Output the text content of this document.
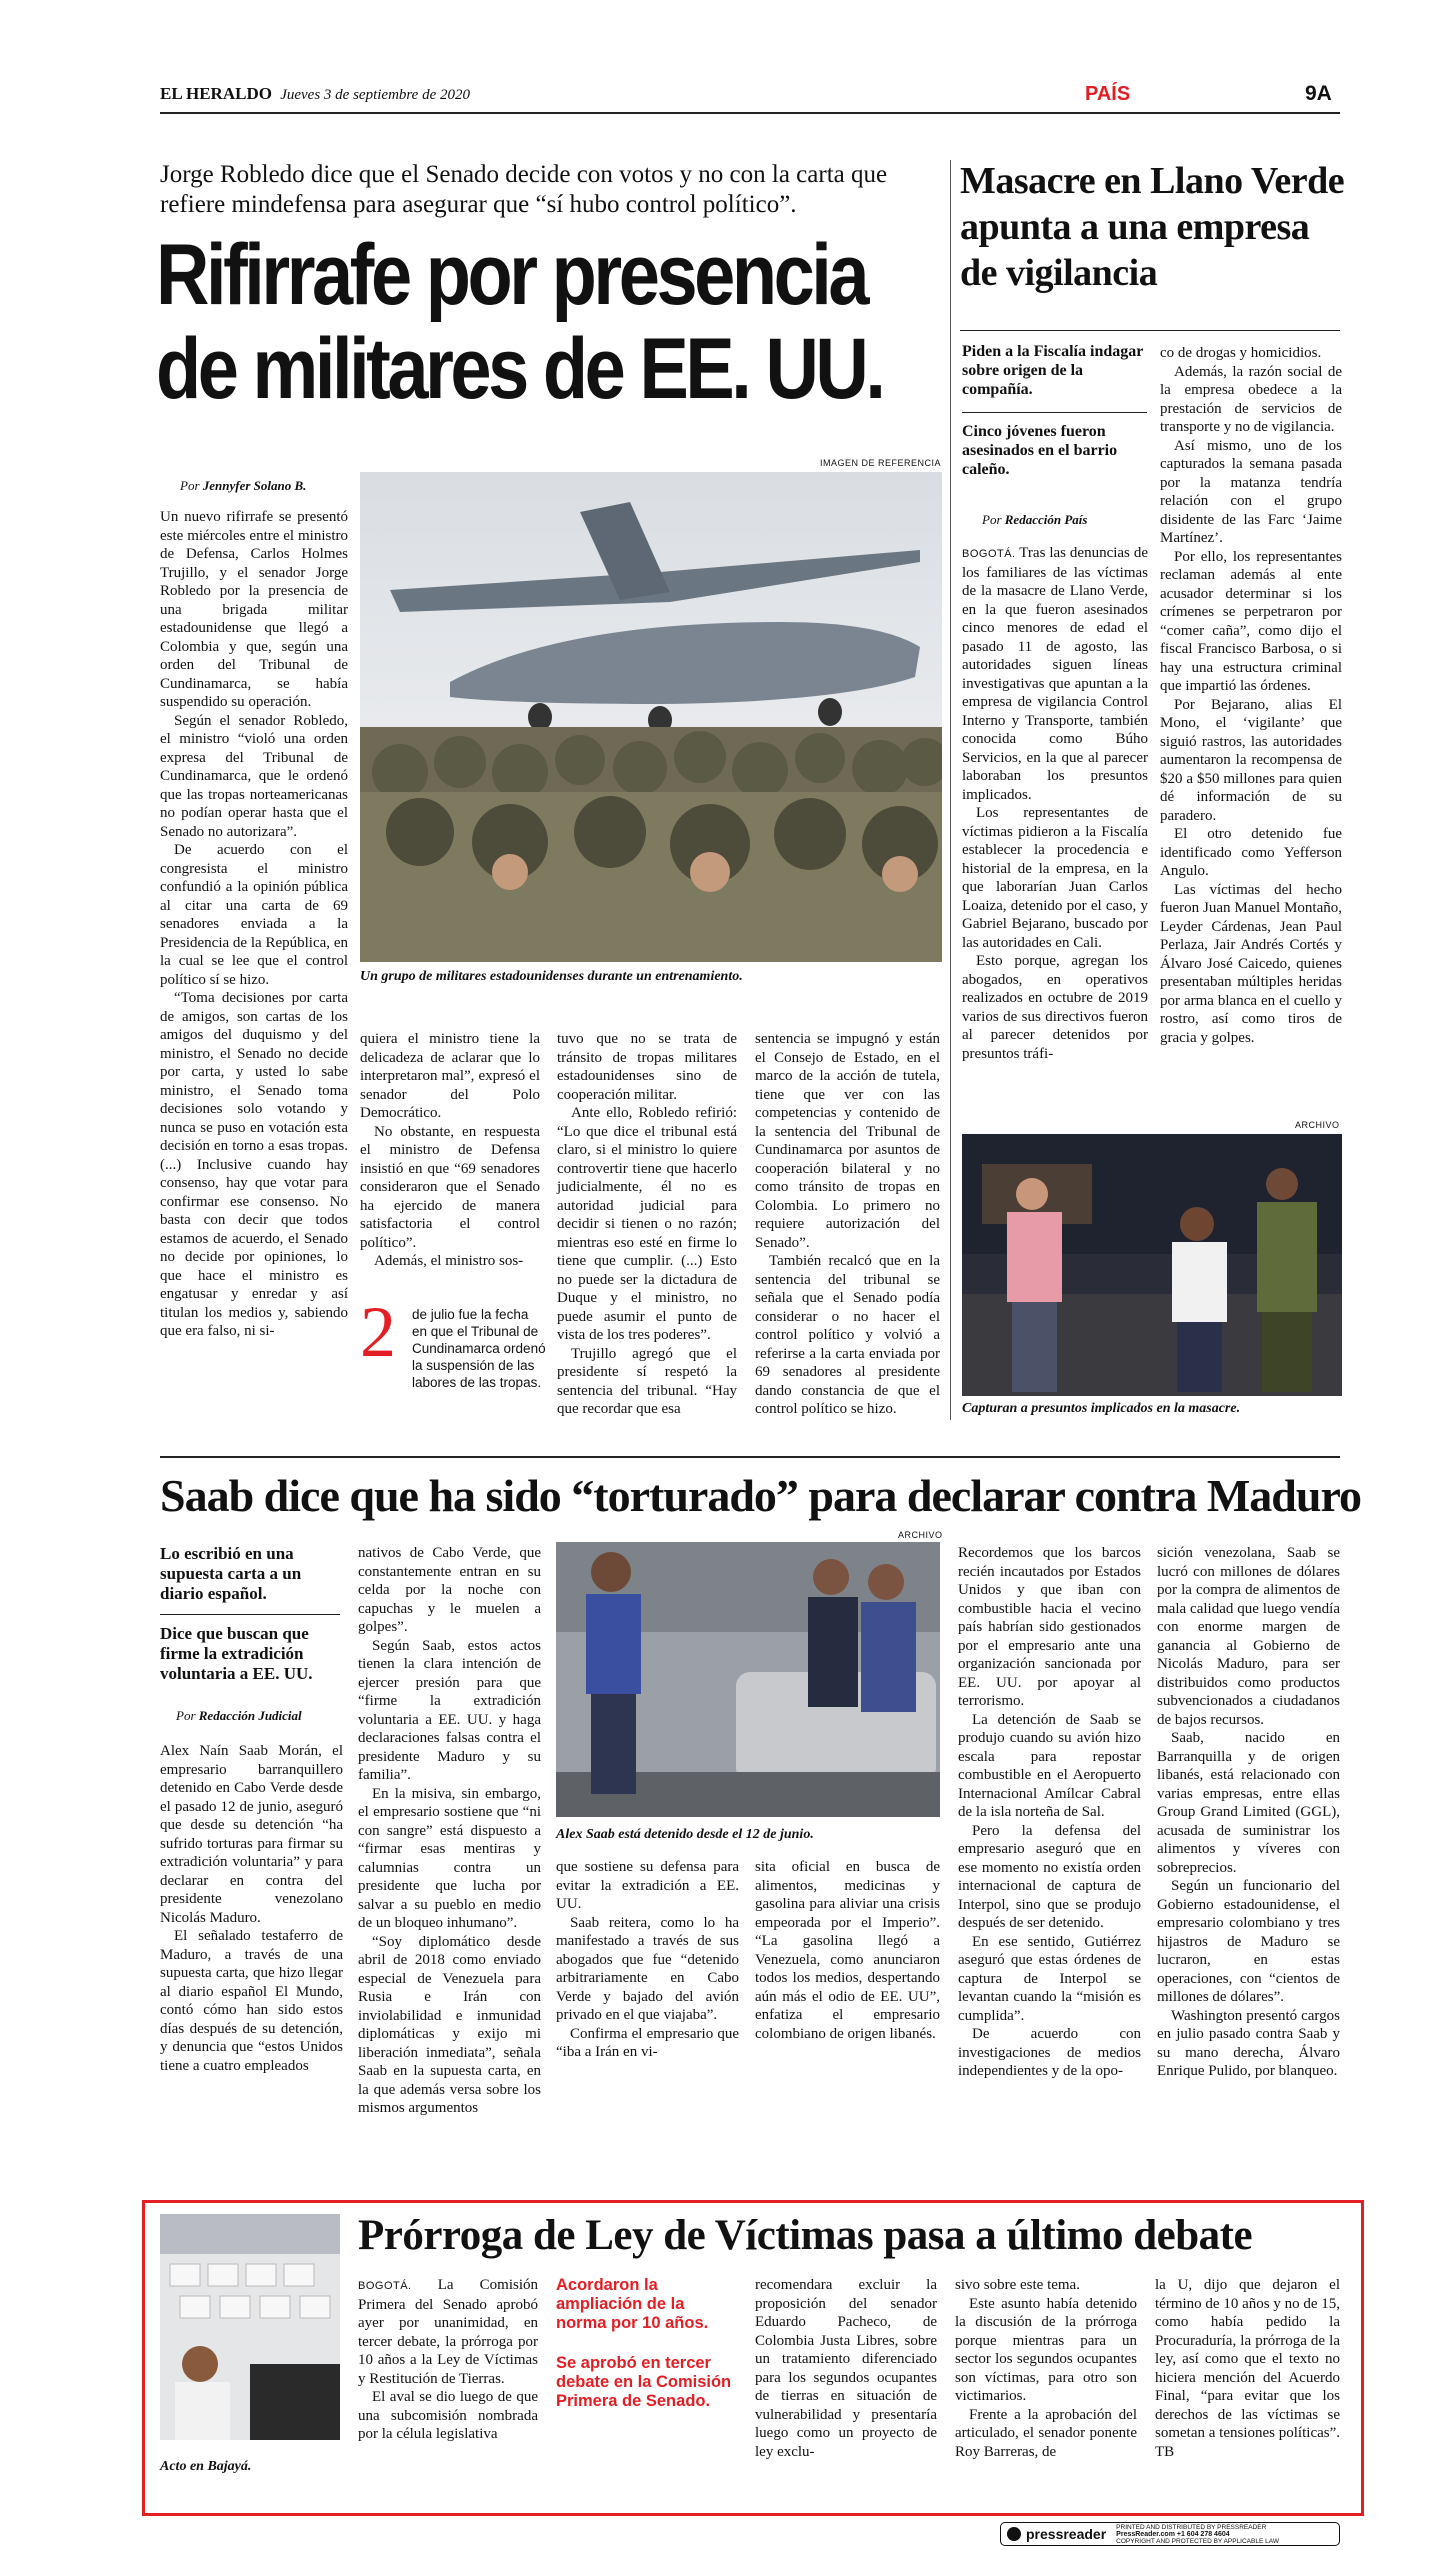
EL HERALDO Jueves 3 de septiembre de 2020	PAÍS	9A
Jorge Robledo dice que el Senado decide con votos y no con la carta que refiere mindefensa para asegurar que “sí hubo control político”.
Rifirrafe por presencia
de militares de EE. UU.
IMAGEN DE REFERENCIA
Por Jennyfer Solano B.
Un grupo de militares estadounidenses durante un entrenamiento.

Un nuevo rifirrafe se presentó este miércoles entre el ministro de Defensa, Carlos Holmes Trujillo, y el senador Jorge Robledo por la presencia de una brigada militar estadounidense que llegó a Colombia y que, según una orden del Tribunal de Cundinamarca, se había suspendido su operación.

Según el senador Robledo, el ministro “violó una orden expresa del Tribunal de Cundinamarca, que le ordenó que las tropas norteamericanas no podían operar hasta que el Senado no autorizara”.

De acuerdo con el congresista el ministro confundió a la opinión pública al citar una carta de 69 senadores enviada a la Presidencia de la República, en la cual se lee que el control político sí se hizo.

“Toma decisiones por carta de amigos, son cartas de los amigos del duquismo y del ministro, el Senado no decide por carta, y usted lo sabe ministro, el Senado toma decisiones solo votando y nunca se puso en votación esta decisión en torno a esas tropas. (...) Inclusive cuando hay consenso, hay que votar para confirmar ese consenso. No basta con decir que todos estamos de acuerdo, el Senado no decide por opiniones, lo que hace el ministro es engatusar y enredar y así titulan los medios y, sabiendo que era falso, ni si-

quiera el ministro tiene la delicadeza de aclarar que lo interpretaron mal”, expresó el senador del Polo Democrático.

No obstante, en respuesta el ministro de Defensa insistió en que “69 senadores consideraron que el Senado ha ejercido de manera satisfactoria el control político”.

Además, el ministro sos-

2 de julio fue la fecha en que el Tribunal de Cundinamarca ordenó la suspensión de las labores de las tropas.

tuvo que no se trata de tránsito de tropas militares estadounidenses sino de cooperación militar.

Ante ello, Robledo refirió: “Lo que dice el tribunal está claro, si el ministro lo quiere controvertir tiene que hacerlo judicialmente, él no es autoridad judicial para decidir si tienen o no razón; mientras eso esté en firme lo tiene que cumplir. (...) Esto no puede ser la dictadura de Duque y el ministro, no puede asumir el punto de vista de los tres poderes”.

Trujillo agregó que el presidente sí respetó la sentencia del tribunal. “Hay que recordar que esa

sentencia se impugnó y están el Consejo de Estado, en el marco de la acción de tutela, tiene que ver con las competencias y contenido de la sentencia del Tribunal de Cundinamarca por asuntos de cooperación bilateral y no como tránsito de tropas en Colombia. Lo primero no requiere autorización del Senado”.

También recalcó que en la sentencia del tribunal se señala que el Senado podía considerar o no hacer el control político y volvió a referirse a la carta enviada por 69 senadores al presidente dando constancia de que el control político se hizo.

Masacre en Llano Verde apunta a una empresa de vigilancia
Piden a la Fiscalía indagar sobre origen de la compañía.
Cinco jóvenes fueron asesinados en el barrio caleño.
Por Redacción País

BOGOTÁ. Tras las denuncias de los familiares de las víctimas de la masacre de Llano Verde, en la que fueron asesinados cinco menores de edad el pasado 11 de agosto, las autoridades siguen líneas investigativas que apuntan a la empresa de vigilancia Control Interno y Transporte, también conocida como Búho Servicios, en la que al parecer laboraban los presuntos implicados.

Los representantes de víctimas pidieron a la Fiscalía establecer la procedencia e historial de la empresa, en la que laborarían Juan Carlos Loaiza, detenido por el caso, y Gabriel Bejarano, buscado por las autoridades en Cali.

Esto porque, agregan los abogados, en operativos realizados en octubre de 2019 varios de sus directivos fueron al parecer detenidos por presuntos tráfi-

co de drogas y homicidios.

Además, la razón social de la empresa obedece a la prestación de servicios de transporte y no de vigilancia.

Así mismo, uno de los capturados la semana pasada por la matanza tendría relación con el grupo disidente de las Farc ‘Jaime Martínez’.

Por ello, los representantes reclaman además al ente acusador determinar si los crímenes se perpetraron por “comer caña”, como dijo el fiscal Francisco Barbosa, o si hay una estructura criminal que impartió las órdenes.

Por Bejarano, alias El Mono, el ‘vigilante’ que siguió rastros, las autoridades aumentaron la recompensa de $20 a $50 millones para quien dé información de su paradero.

El otro detenido fue identificado como Yefferson Angulo.

Las víctimas del hecho fueron Juan Manuel Montaño, Leyder Cárdenas, Jean Paul Perlaza, Jair Andrés Cortés y Álvaro José Caicedo, quienes presentaban múltiples heridas por arma blanca en el cuello y rostro, así como tiros de gracia y golpes.

ARCHIVO
Capturan a presuntos implicados en la masacre.
Saab dice que ha sido “torturado” para declarar contra Maduro
ARCHIVO
Lo escribió en una supuesta carta a un diario español.
Dice que buscan que firme la extradición voluntaria a EE. UU.
Por Redacción Judicial

Alex Naín Saab Morán, el empresario barranquillero detenido en Cabo Verde desde el pasado 12 de junio, aseguró que desde su detención “ha sufrido torturas para firmar su extradición voluntaria” y para declarar en contra del presidente venezolano Nicolás Maduro.

El señalado testaferro de Maduro, a través de una supuesta carta, que hizo llegar al diario español El Mundo, contó cómo han sido estos días después de su detención, y denuncia que “estos Unidos tiene a cuatro empleados

nativos de Cabo Verde, que constantemente entran en su celda por la noche con capuchas y le muelen a golpes”.

Según Saab, estos actos tienen la clara intención de ejercer presión para que “firme la extradición voluntaria a EE. UU. y haga declaraciones falsas contra el presidente Maduro y su familia”.

En la misiva, sin embargo, el empresario sostiene que “ni con sangre” está dispuesto a “firmar esas mentiras y calumnias contra un presidente que lucha por salvar a su pueblo en medio de un bloqueo inhumano”.

“Soy diplomático desde abril de 2018 como enviado especial de Venezuela para Rusia e Irán con inviolabilidad e inmunidad diplomáticas y exijo mi liberación inmediata”, señala Saab en la supuesta carta, en la que además versa sobre los mismos argumentos

Alex Saab está detenido desde el 12 de junio.

que sostiene su defensa para evitar la extradición a EE. UU.

Saab reitera, como lo ha manifestado a través de sus abogados que fue “detenido arbitrariamente en Cabo Verde y bajado del avión privado en el que viajaba”.

Confirma el empresario que “iba a Irán en vi-

sita oficial en busca de alimentos, medicinas y gasolina para aliviar una crisis empeorada por el Imperio”. “La gasolina llegó a Venezuela, como anunciaron todos los medios, despertando aún más el odio de EE. UU”, enfatiza el empresario colombiano de origen libanés.

Recordemos que los barcos recién incautados por Estados Unidos y que iban con combustible hacia el vecino país habrían sido gestionados por el empresario ante una organización sancionada por EE. UU. por apoyar al terrorismo.

La detención de Saab se produjo cuando su avión hizo escala para repostar combustible en el Aeropuerto Internacional Amílcar Cabral de la isla norteña de Sal.

Pero la defensa del empresario aseguró que en ese momento no existía orden internacional de captura de Interpol, sino que se produjo después de ser detenido.

En ese sentido, Gutiérrez aseguró que estas órdenes de captura de Interpol se levantan cuando la “misión es cumplida”.

De acuerdo con investigaciones de medios independientes y de la opo-

sición venezolana, Saab se lucró con millones de dólares por la compra de alimentos de mala calidad que luego vendía con enorme margen de ganancia al Gobierno de Nicolás Maduro, para ser distribuidos como productos subvencionados a ciudadanos de bajos recursos.

Saab, nacido en Barranquilla y de origen libanés, está relacionado con varias empresas, entre ellas Group Grand Limited (GGL), acusada de suministrar los alimentos y víveres con sobreprecios.

Según un funcionario del Gobierno estadounidense, el empresario colombiano y tres hijastros de Maduro se lucraron, en estas operaciones, con “cientos de millones de dólares”.

Washington presentó cargos en julio pasado contra Saab y su mano derecha, Álvaro Enrique Pulido, por blanqueo.

Acto en Bajayá.
Prórroga de Ley de Víctimas pasa a último debate

BOGOTÁ. La Comisión Primera del Senado aprobó ayer por unanimidad, en tercer debate, la prórroga por 10 años a la Ley de Víctimas y Restitución de Tierras.

El aval se dio luego de que una subcomisión nombrada por la célula legislativa

Acordaron la ampliación de la norma por 10 años.
Se aprobó en tercer debate en la Comisión Primera de Senado.

recomendara excluir la proposición del senador Eduardo Pacheco, de Colombia Justa Libres, sobre un tratamiento diferenciado para los segundos ocupantes de tierras en situación de vulnerabilidad y presentaría luego como un proyecto de ley exclu-

sivo sobre este tema.

Este asunto había detenido la discusión de la prórroga porque mientras para un sector los segundos ocupantes son víctimas, para otro son victimarios.

Frente a la aprobación del articulado, el senador ponente Roy Barreras, de

la U, dijo que dejaron el término de 10 años y no de 15, como había pedido la Procuraduría, la prórroga de la ley, así como que el texto no hiciera mención del Acuerdo Final, “para evitar que los derechos de las víctimas se sometan a tensiones políticas”. TB

pressreader PRINTED AND DISTRIBUTED BY PRESSREADER
PressReader.com +1 604 278 4604
COPYRIGHT AND PROTECTED BY APPLICABLE LAW
